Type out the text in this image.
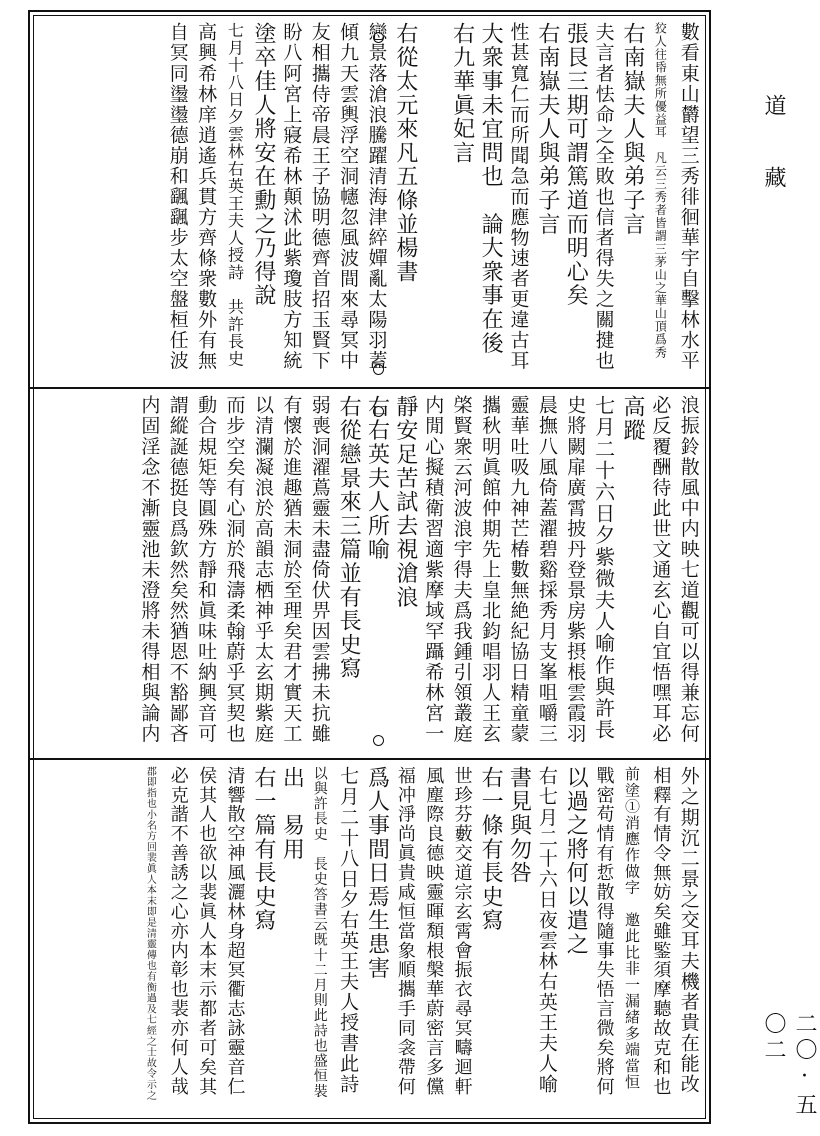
道　藏
二〇·五〇二
數看東山欝望三秀徘徊華宇自擊林水平
狡人往帋無所優益耳　凡云三秀者皆謂三茅山之華山頂爲秀
右南嶽夫人與弟子言
夫言者怯命之全敗也信者得失之關揵也
張艮三期可謂篤道而明心矣
右南嶽夫人與弟子言
性甚寬仁而所聞急而應物速者更違古耳
大衆事未宜問也　論大衆事在後
右九華眞妃言
右從太元來凡五條並楊書
戀景落滄浪騰躍清海津綷嬋亂太陽羽蓋
傾九天雲輿浮空洞幰忽風波間來尋冥中
友相攜侍帝晨王子協明德齊首招玉賢下
盼八阿宮上寢希林顛沭此紫瓊肢方知統
塗卒佳人將安在勳之乃得說
七月十八日夕雲林右英王夫人授詩　共許長史
高興希林庠逍遙兵貫方齊條衆數外有無
自冥同璗璗德崩和颻颻步太空盤桓任波
浪振鈴散風中内映七道觀可以得兼忘何
必反覆酬待此世文通玄心自宜悟嘿耳必
高蹤
七月二十六日夕紫微夫人喻作與許長
史將闕扉廣霄披丹登景房紫摂棖雲霞羽
晨撫八風倚蓋濯碧谿採秀月支峯咀嚼三
靈華吐吸九神芒椿數無絶紀協日精童蒙
攜秋明眞館仲期先上皇北鈞唱羽人王玄
棨賢衆云河波浪宇得夫爲我鍾引領叢庭
内閒心擬積衛習適紫摩域罕躡希林宮一
靜安足苦試去視滄浪
右右英夫人所喻
右從戀景來三篇並有長史寫
弱喪洞濯蔦靈未盡倚伏畀因雲拂未抗雖
有懷於進趣猶未洞於至理矣君才實天工
以清瀾凝浪於高韻志栖神乎太玄期紫庭
而步空矣有心洞於飛濤柔翰蔚乎冥契也
動合規矩等圓殊方靜和眞味吐納興音可
謂縱誕德挺良爲欽然矣然猶恩不豁鄙吝
内固淫念不漸靈池未澄將未得相與論内
外之期沉二景之交耳夫機者貴在能改
相釋有情令無妨矣雖鍳須摩聽故克和也
前塗①消應作做字　邀此比非一漏緒多端當恒
戰密苟情有悊散得隨事失悟言微矣將何
以過之將何以遣之
右七月二十六日夜雲林右英王夫人喻
書見與勿咎
右一條有長史寫
世珍芬藪交道宗玄霄會振衣尋冥疇迴軒
風塵際良德映靈暉頽根槃華蔚密言多儻
福冲淨尚眞貴咸恒當象順攜手同衾帶何
爲人事間日焉生患害
七月二十八日夕右英王夫人授書此詩
以與許長史　長史答書云既十二月則此詩也盛恒裝
出　易用
右一篇有長史寫
清響散空神風灑林身超冥衢志詠靈音仁
侯其人也欲以裴眞人本末示都者可矣其
必克諧不善誘之心亦内彰也裴亦何人哉
郡即指也小名方回裴眞人本末即是清靈傳也有衡過及七經之士故令示之
